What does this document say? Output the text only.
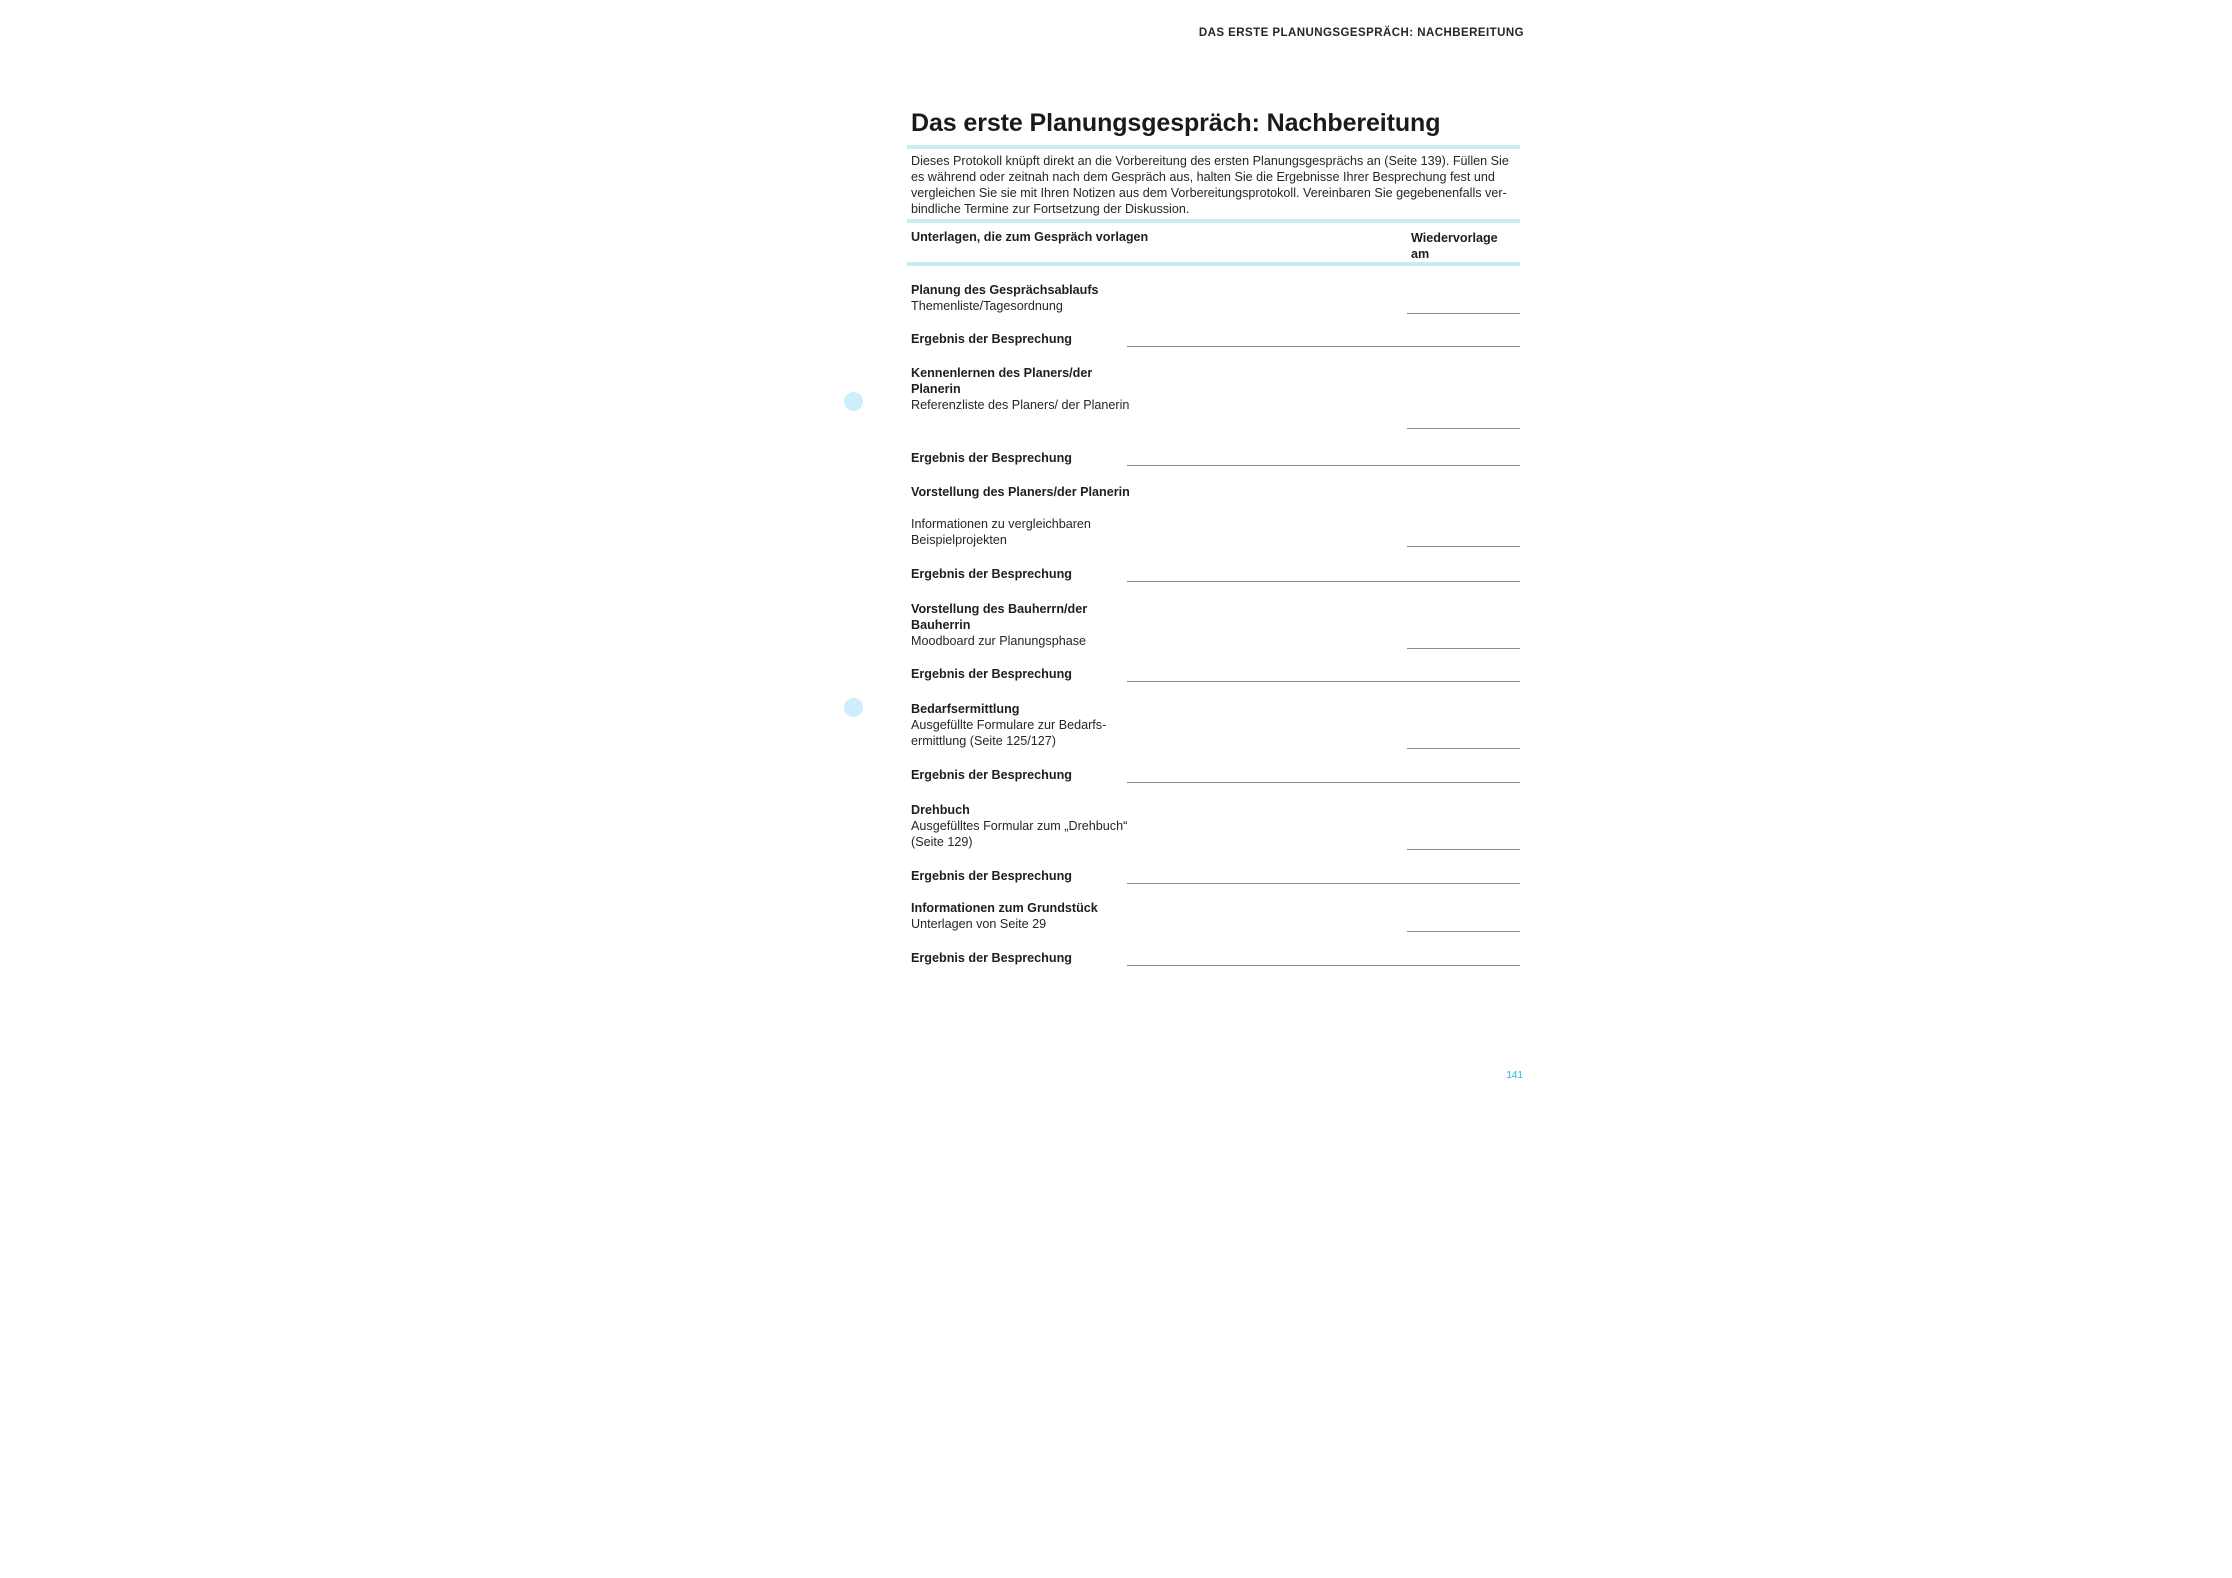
DAS ERSTE PLANUNGSGESPRÄCH: NACHBEREITUNG
Das erste Planungsgespräch: Nachbereitung

Dieses Protokoll knüpft direkt an die Vorbereitung des ersten Planungsgesprächs an (Seite 139). Füllen Sie es während oder zeitnah nach dem Gespräch aus, halten Sie die Ergebnisse Ihrer Besprechung fest und vergleichen Sie sie mit Ihren Notizen aus dem Vorbereitungsprotokoll. Vereinbaren Sie gegebenenfalls verbindliche Termine zur Fortsetzung der Diskussion.

Unterlagen, die zum Gespräch vorlagen	Wiedervorlage am
Planung des Gesprächsablaufs
Themenliste/Tagesordnung
Ergebnis der Besprechung
Kennenlernen des Planers/der Planerin
Referenzliste des Planers/ der Planerin
Ergebnis der Besprechung
Vorstellung des Planers/der Planerin
Informationen zu vergleichbaren Beispielprojekten
Ergebnis der Besprechung
Vorstellung des Bauherrn/der Bauherrin
Moodboard zur Planungsphase
Ergebnis der Besprechung
Bedarfsermittlung
Ausgefüllte Formulare zur Bedarfsermittlung (Seite 125/127)
Ergebnis der Besprechung
Drehbuch
Ausgefülltes Formular zum „Drehbuch“ (Seite 129)
Ergebnis der Besprechung
Informationen zum Grundstück
Unterlagen von Seite 29
Ergebnis der Besprechung
141
